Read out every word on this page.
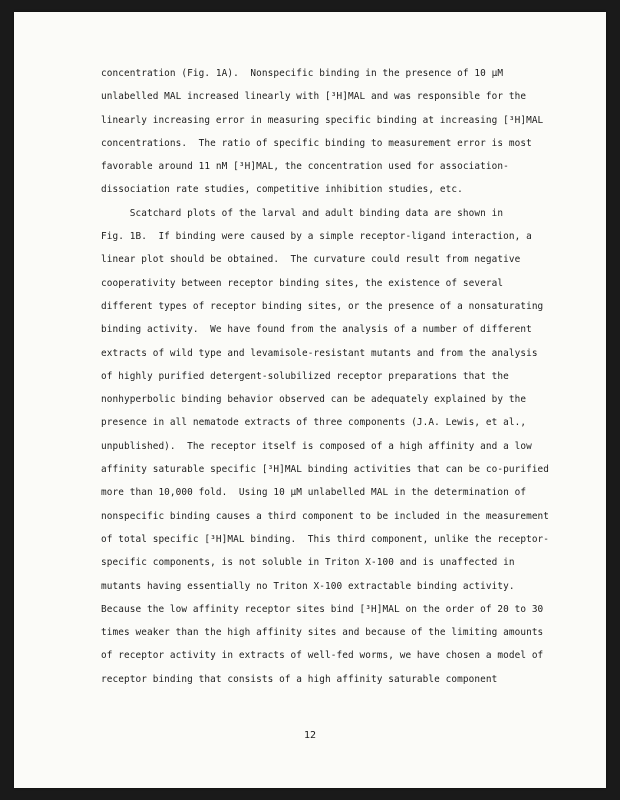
concentration (Fig. 1A).  Nonspecific binding in the presence of 10 µM
unlabelled MAL increased linearly with [³H]MAL and was responsible for the
linearly increasing error in measuring specific binding at increasing [³H]MAL
concentrations.  The ratio of specific binding to measurement error is most
favorable around 11 nM [³H]MAL, the concentration used for association-
dissociation rate studies, competitive inhibition studies, etc.
Scatchard plots of the larval and adult binding data are shown in
Fig. 1B.  If binding were caused by a simple receptor-ligand interaction, a
linear plot should be obtained.  The curvature could result from negative
cooperativity between receptor binding sites, the existence of several
different types of receptor binding sites, or the presence of a nonsaturating
binding activity.  We have found from the analysis of a number of different
extracts of wild type and levamisole-resistant mutants and from the analysis
of highly purified detergent-solubilized receptor preparations that the
nonhyperbolic binding behavior observed can be adequately explained by the
presence in all nematode extracts of three components (J.A. Lewis, et al.,
unpublished).  The receptor itself is composed of a high affinity and a low
affinity saturable specific [³H]MAL binding activities that can be co-purified
more than 10,000 fold.  Using 10 µM unlabelled MAL in the determination of
nonspecific binding causes a third component to be included in the measurement
of total specific [³H]MAL binding.  This third component, unlike the receptor-
specific components, is not soluble in Triton X-100 and is unaffected in
mutants having essentially no Triton X-100 extractable binding activity.
Because the low affinity receptor sites bind [³H]MAL on the order of 20 to 30
times weaker than the high affinity sites and because of the limiting amounts
of receptor activity in extracts of well-fed worms, we have chosen a model of
receptor binding that consists of a high affinity saturable component
12
